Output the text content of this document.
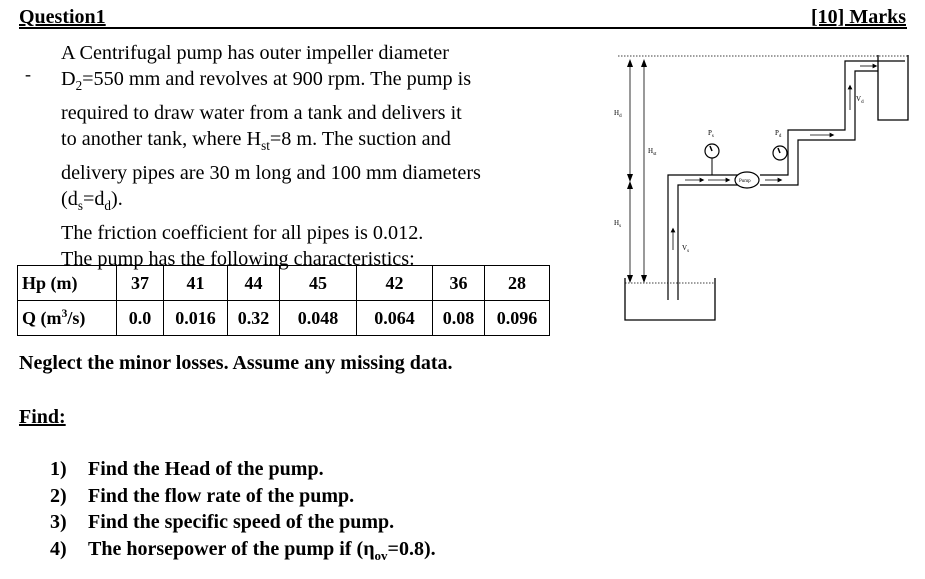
Question1	[10] Marks
-
A Centrifugal pump has outer impeller diameter
$D_2=550$ mm and revolves at 900 rpm. The pump is
required to draw water from a tank and delivers it
to another tank, where $H_{st}=8$ m. The suction and
delivery pipes are 30 m long and 100 mm diameters
$(d_s=d_d)$.
The friction coefficient for all pipes is 0.012.
The pump has the following characteristics:
Hp (m)	37	41	44	45	42	36	28
Q $(m^3/s)$	0.0	0.016	0.32	0.048	0.064	0.08	0.096
Neglect the minor losses. Assume any missing data.
Find:
1) Find the Head of the pump.
2) Find the flow rate of the pump.
3) Find the specific speed of the pump.
4) The horsepower of the pump if $(\eta_{ov}=0.8)$.
Pump
$H_d$
$H_{st}$
$H_s$
$P_s$	$P_d$
$V_s$
$V_d$
